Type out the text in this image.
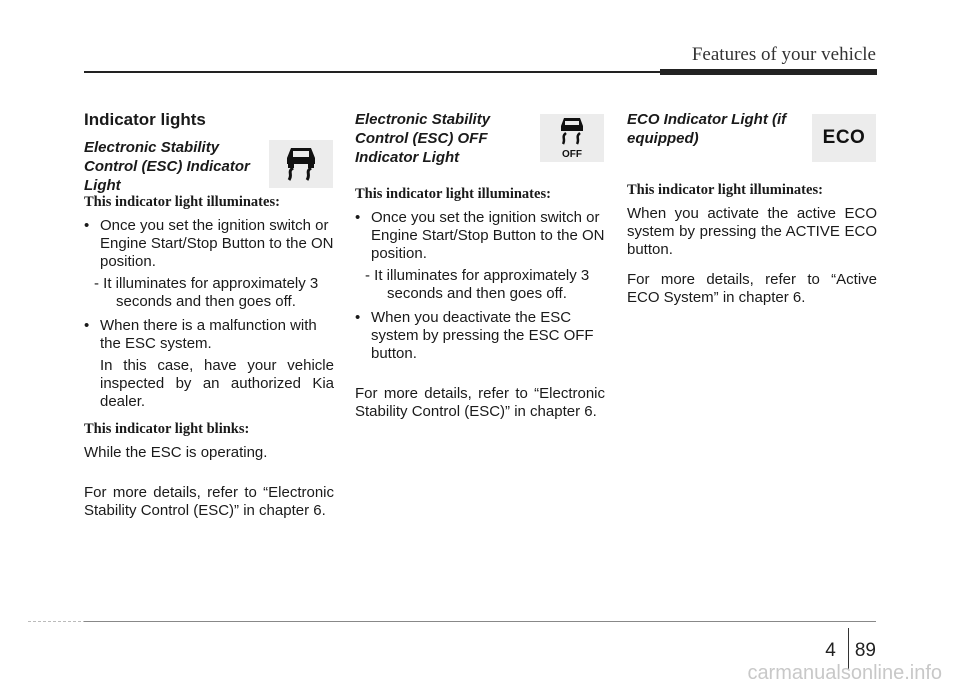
Features of your vehicle
Indicator lights
Electronic Stability Control (ESC) Indicator Light
This indicator light illuminates:
• Once you set the ignition switch or Engine Start/Stop Button to the ON position.
- It illuminates for approximately 3 seconds and then goes off.
• When there is a malfunction with the ESC system.
In this case, have your vehicle inspected by an authorized Kia dealer.
This indicator light blinks:
While the ESC is operating.
For more details, refer to “Electronic Stability Control (ESC)” in chapter 6.
Electronic Stability Control (ESC) OFF Indicator Light
This indicator light illuminates:
• Once you set the ignition switch or Engine Start/Stop Button to the ON position.
- It illuminates for approximately 3 seconds and then goes off.
• When you deactivate the ESC system by pressing the ESC OFF button.
For more details, refer to “Electronic Stability Control (ESC)” in chapter 6.
OFF
ECO Indicator Light (if equipped)
This indicator light illuminates:
When you activate the active ECO system by pressing the ACTIVE ECO button.
For more details, refer to “Active ECO System” in chapter 6.
ECO
4	89
carmanualsonline.info
